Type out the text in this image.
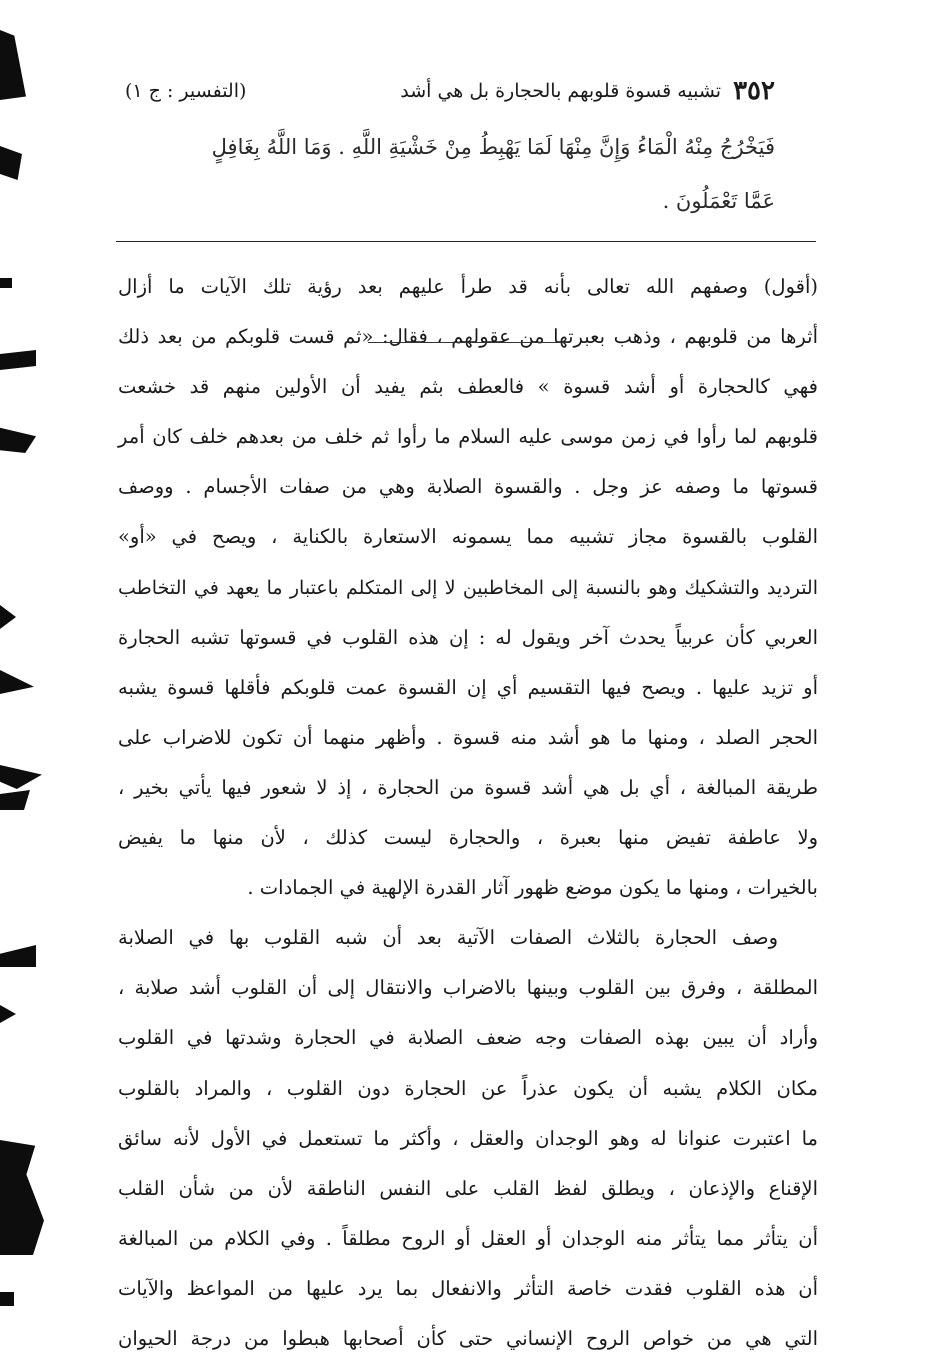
٣٥٢
تشبيه قسوة قلوبهم بالحجارة بل هي أشد
(التفسير : ج ١)
فَيَخْرُجُ مِنْهُ الْمَاءُ وَإِنَّ مِنْهَا لَمَا يَهْبِطُ مِنْ خَشْيَةِ اللَّهِ . وَمَا اللَّهُ بِغَافِلٍ
عَمَّا تَعْمَلُونَ .
(أقول) وصفهم الله تعالى بأنه قد طرأ عليهم بعد رؤية تلك الآيات ما أزال
أثرها من قلوبهم ، وذهب بعبرتها من عقولهم ، فقال: «ثم قست قلوبكم من بعد ذلك
فهي كالحجارة أو أشد قسوة » فالعطف بثم يفيد أن الأولين منهم قد خشعت
قلوبهم لما رأوا في زمن موسى عليه السلام ما رأوا ثم خلف من بعدهم خلف كان أمر
قسوتها ما وصفه عز وجل . والقسوة الصلابة وهي من صفات الأجسام . ووصف
القلوب بالقسوة مجاز تشبيه مما يسمونه الاستعارة بالكناية ، ويصح في «أو»
الترديد والتشكيك وهو بالنسبة إلى المخاطبين لا إلى المتكلم باعتبار ما يعهد في التخاطب
العربي كأن عربياً يحدث آخر ويقول له : إن هذه القلوب في قسوتها تشبه الحجارة
أو تزيد عليها . ويصح فيها التقسيم أي إن القسوة عمت قلوبكم فأقلها قسوة يشبه
الحجر الصلد ، ومنها ما هو أشد منه قسوة . وأظهر منهما أن تكون للاضراب على
طريقة المبالغة ، أي بل هي أشد قسوة من الحجارة ، إذ لا شعور فيها يأتي بخير ،
ولا عاطفة تفيض منها بعبرة ، والحجارة ليست كذلك ، لأن منها ما يفيض
بالخيرات ، ومنها ما يكون موضع ظهور آثار القدرة الإلهية في الجمادات .
وصف الحجارة بالثلاث الصفات الآتية بعد أن شبه القلوب بها في الصلابة
المطلقة ، وفرق بين القلوب وبينها بالاضراب والانتقال إلى أن القلوب أشد صلابة ،
وأراد أن يبين بهذه الصفات وجه ضعف الصلابة في الحجارة وشدتها في القلوب
مكان الكلام يشبه أن يكون عذراً عن الحجارة دون القلوب ، والمراد بالقلوب
ما اعتبرت عنوانا له وهو الوجدان والعقل ، وأكثر ما تستعمل في الأول لأنه سائق
الإقناع والإذعان ، ويطلق لفظ القلب على النفس الناطقة لأن من شأن القلب
أن يتأثر مما يتأثر منه الوجدان أو العقل أو الروح مطلقاً . وفي الكلام من المبالغة
أن هذه القلوب فقدت خاصة التأثر والانفعال بما يرد عليها من المواعظ والآيات
التي هي من خواص الروح الإنساني حتى كأن أصحابها هبطوا من درجة الحيوان
